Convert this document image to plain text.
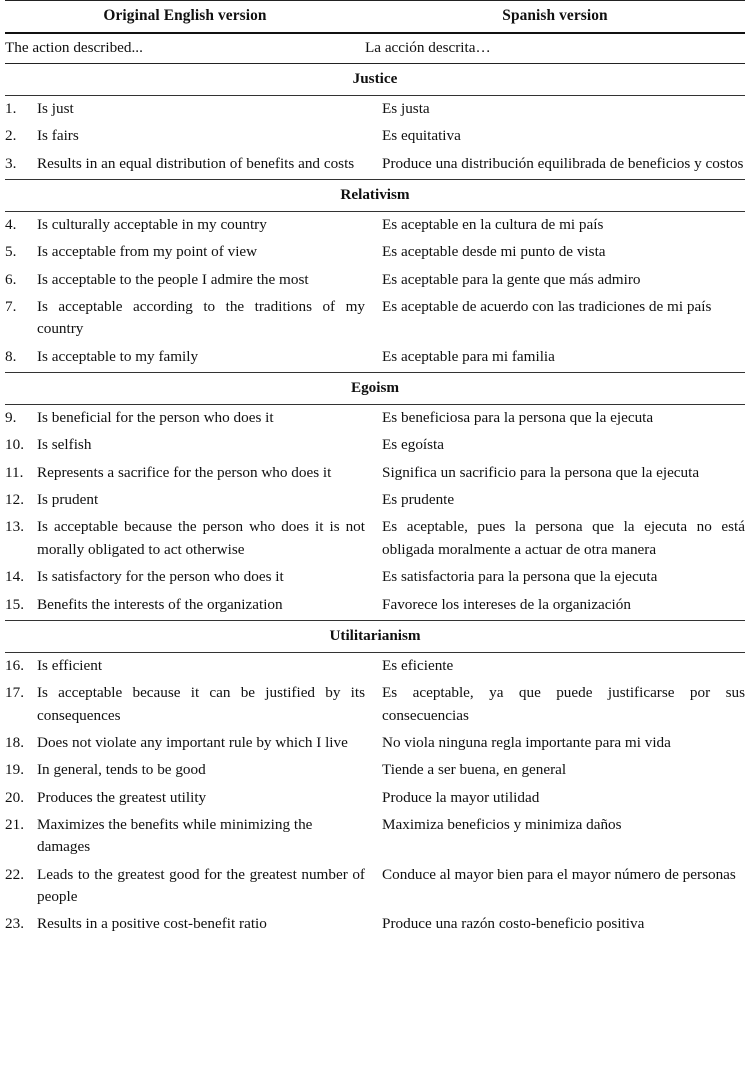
Original English version		Spanish version	
The action described...		La acción descrita…	
Justice			
1.	Is just		Es justa
2.	Is fairs		Es equitativa
3.	Results in an equal distribution of benefits and costs		Produce una distribución equilibrada de beneficios y costos
Relativism			
4.	Is culturally acceptable in my country		Es aceptable en la cultura de mi país
5.	Is acceptable from my point of view		Es aceptable desde mi punto de vista
6.	Is acceptable to the people I admire the most		Es aceptable para la gente que más admiro
7.	Is acceptable according to the traditions of my country		Es aceptable de acuerdo con las tradiciones de mi país
8.	Is acceptable to my family		Es aceptable para mi familia
Egoism			
9.	Is beneficial for the person who does it		Es beneficiosa para la persona que la ejecuta
10.	Is selfish		Es egoísta
11.	Represents a sacrifice for the person who does it		Significa un sacrificio para la persona que la ejecuta
12.	Is prudent		Es prudente
13.	Is acceptable because the person who does it is not morally obligated to act otherwise		Es aceptable, pues la persona que la ejecuta no está obligada moralmente a actuar de otra manera
14.	Is satisfactory for the person who does it		Es satisfactoria para la persona que la ejecuta
15.	Benefits the interests of the organization		Favorece los intereses de la organización
Utilitarianism			
16.	Is efficient		Es eficiente
17.	Is acceptable because it can be justified by its consequences		Es aceptable, ya que puede justificarse por sus consecuencias
18.	Does not violate any important rule by which I live		No viola ninguna regla importante para mi vida
19.	In general, tends to be good		Tiende a ser buena, en general
20.	Produces the greatest utility		Produce la mayor utilidad
21.	Maximizes the benefits while minimizing the damages		Maximiza beneficios y minimiza daños
22.	Leads to the greatest good for the greatest number of people		Conduce al mayor bien para el mayor número de personas
23.	Results in a positive cost-benefit ratio		Produce una razón costo-beneficio positiva
